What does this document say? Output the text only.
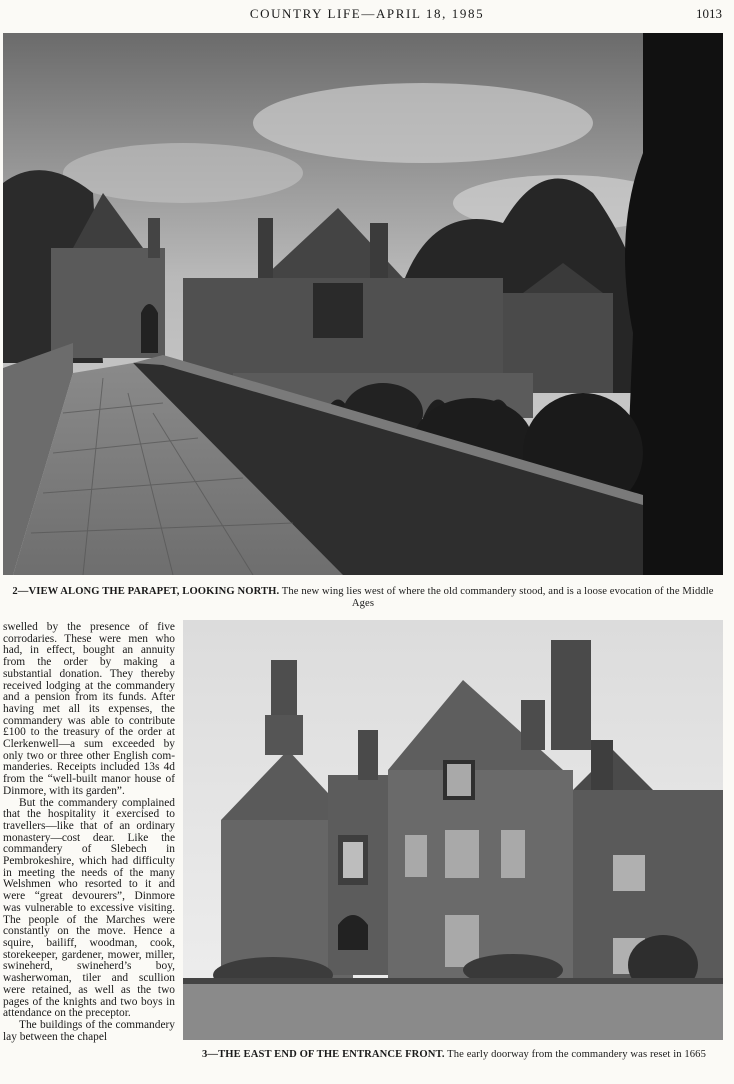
COUNTRY LIFE—APRIL 18, 1985	1013
2—VIEW ALONG THE PARAPET, LOOKING NORTH. The new wing lies west of where the old commandery stood, and is a loose evocation of the Middle Ages

swelled by the presence of five corrodaries. These were men who had, in effect, bought an annuity from the order by making a substantial donation. They thereby received lodging at the commandery and a pension from its funds. After having met all its expenses, the commandery was able to contribute £100 to the treasury of the order at Clerkenwell—a sum exceeded by only two or three other English commanderies. Receipts included 13s 4d from the “well-built manor house of Dinmore, with its garden”.

But the commandery complained that the hospitality it exercised to travellers—like that of an ordinary monastery—cost dear. Like the commandery of Slebech in Pembrokeshire, which had difficulty in meeting the needs of the many Welshmen who resorted to it and were “great devourers”, Dinmore was vulnerable to excessive visiting. The people of the Marches were constantly on the move. Hence a squire, bailiff, woodman, cook, storekeeper, gardener, mower, miller, swineherd, swineherd’s boy, washerwoman, tiler and scullion were retained, as well as the two pages of the knights and two boys in attendance on the preceptor.

The buildings of the commandery lay between the chapel

3—THE EAST END OF THE ENTRANCE FRONT. The early doorway from the commandery was reset in 1665
